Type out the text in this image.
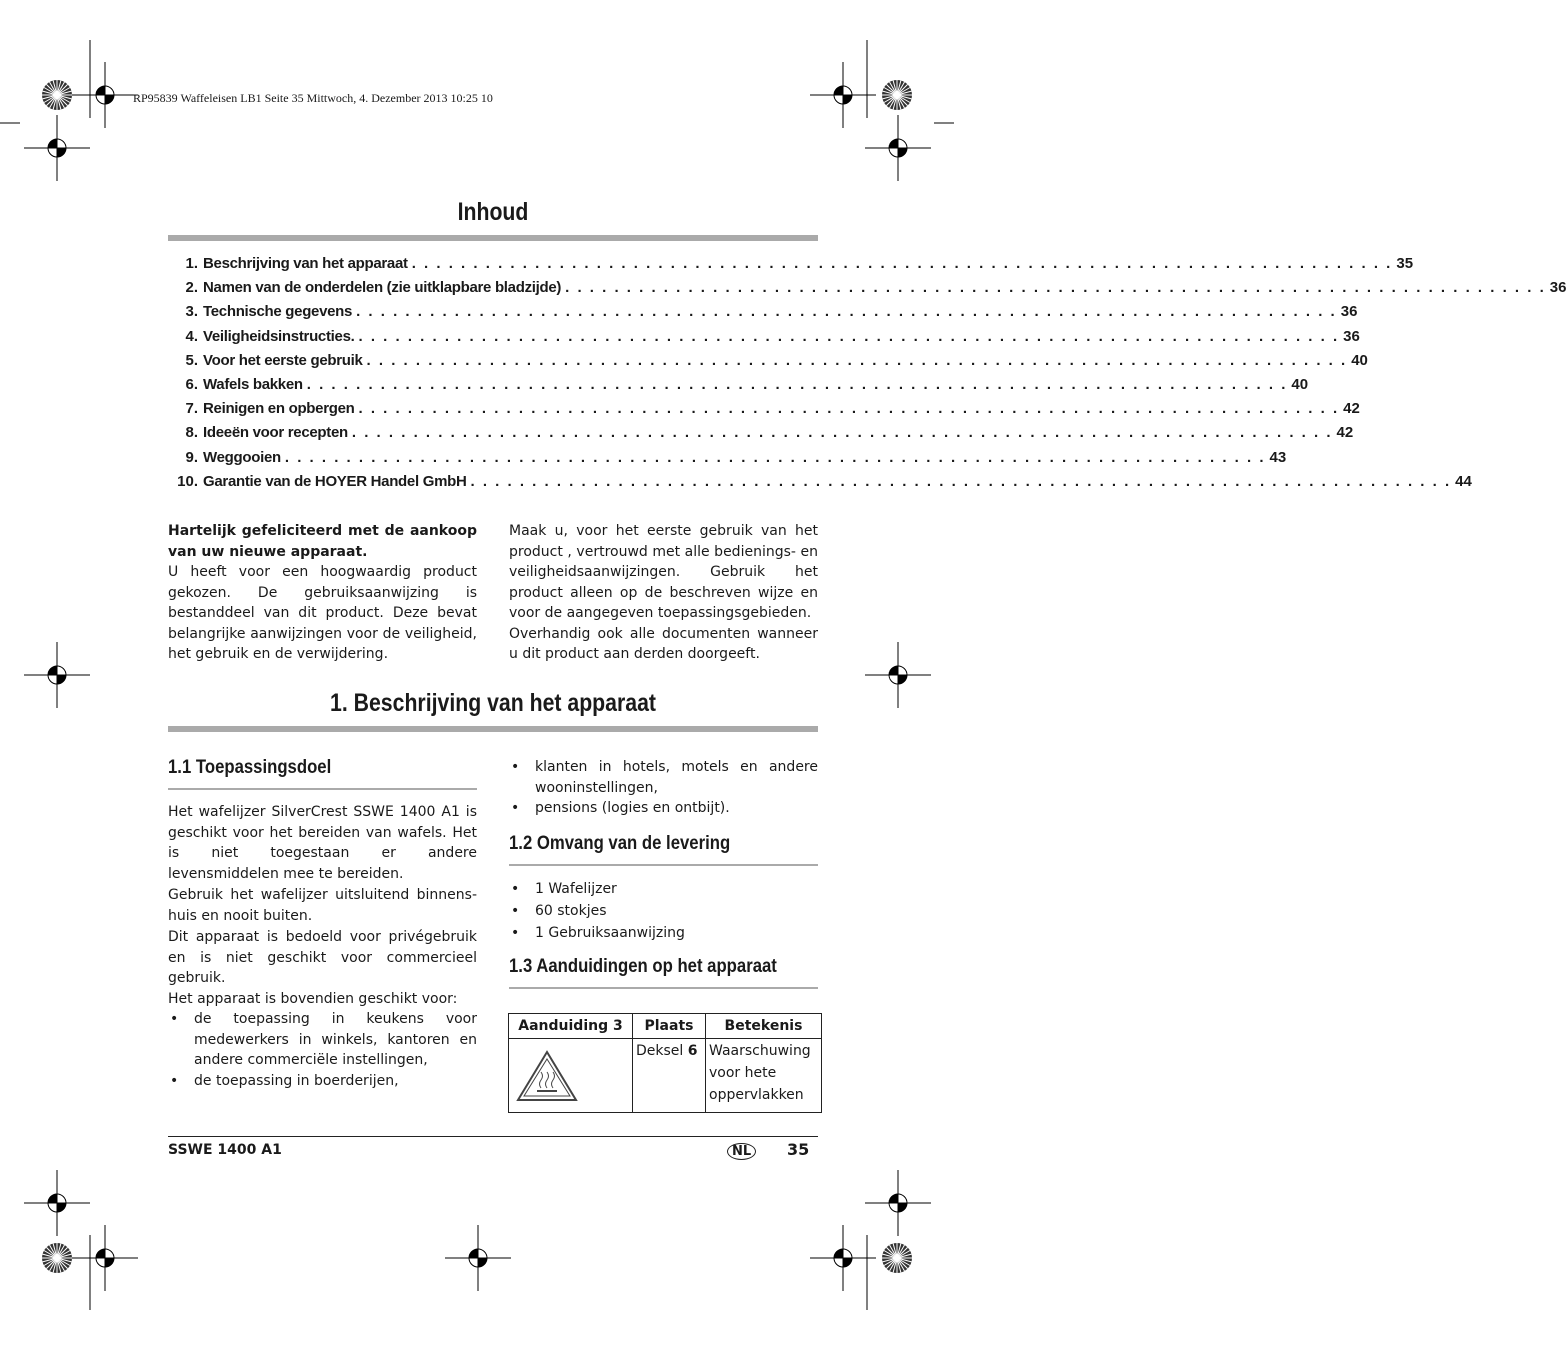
RP95839 Waffeleisen LB1 Seite 35 Mittwoch, 4. Dezember 2013 10:25 10
Inhoud
1. Beschrijving van het apparaat . . . . . . . . . . . . . . . . . . . . . . . . . . . . . . . . . . . . . . . . . . . . . . . . . . . . . . . . . . . . . . . . . . . . . . . . . . . . . . . . 35
2. Namen van de onderdelen (zie uitklapbare bladzijde) . . . . . . . . . . . . . . . . . . . . . . . . . . . . . . . . . . . . . . . . . . . . . . . . . . . . . . . . . . . . . . . . . . . . . . . . . . . . . . . . 36
3. Technische gegevens . . . . . . . . . . . . . . . . . . . . . . . . . . . . . . . . . . . . . . . . . . . . . . . . . . . . . . . . . . . . . . . . . . . . . . . . . . . . . . . . 36
4. Veiligheidsinstructies. . . . . . . . . . . . . . . . . . . . . . . . . . . . . . . . . . . . . . . . . . . . . . . . . . . . . . . . . . . . . . . . . . . . . . . . . . . . . . . . . 36
5. Voor het eerste gebruik . . . . . . . . . . . . . . . . . . . . . . . . . . . . . . . . . . . . . . . . . . . . . . . . . . . . . . . . . . . . . . . . . . . . . . . . . . . . . . . . 40
6. Wafels bakken . . . . . . . . . . . . . . . . . . . . . . . . . . . . . . . . . . . . . . . . . . . . . . . . . . . . . . . . . . . . . . . . . . . . . . . . . . . . . . . . 40
7. Reinigen en opbergen . . . . . . . . . . . . . . . . . . . . . . . . . . . . . . . . . . . . . . . . . . . . . . . . . . . . . . . . . . . . . . . . . . . . . . . . . . . . . . . . 42
8. Ideeën voor recepten . . . . . . . . . . . . . . . . . . . . . . . . . . . . . . . . . . . . . . . . . . . . . . . . . . . . . . . . . . . . . . . . . . . . . . . . . . . . . . . . 42
9. Weggooien . . . . . . . . . . . . . . . . . . . . . . . . . . . . . . . . . . . . . . . . . . . . . . . . . . . . . . . . . . . . . . . . . . . . . . . . . . . . . . . . 43
10. Garantie van de HOYER Handel GmbH . . . . . . . . . . . . . . . . . . . . . . . . . . . . . . . . . . . . . . . . . . . . . . . . . . . . . . . . . . . . . . . . . . . . . . . . . . . . . . . . 44

Hartelijk gefeliciteerd met de aankoop van uw nieuwe apparaat.

U heeft voor een hoogwaardig product gekozen. De gebruiksaanwijzing is bestanddeel van dit product. Deze bevat belangrijke aanwijzingen voor de veiligheid, het gebruik en de verwijdering.

Maak u, voor het eerste gebruik van het product , vertrouwd met alle bedienings- en veiligheidsaanwijzingen. Gebruik het product alleen op de beschreven wijze en voor de aangegeven toepassingsgebieden.

Overhandig ook alle documenten wanneer u dit product aan derden doorgeeft.

1. Beschrijving van het apparaat
1.1 Toepassingsdoel

Het wafelijzer SilverCrest SSWE 1400 A1 is geschikt voor het bereiden van wafels. Het is niet toegestaan er andere levensmiddelen mee te bereiden.

Gebruik het wafelijzer uitsluitend binnens-huis en nooit buiten.

Dit apparaat is bedoeld voor privégebruik en is niet geschikt voor commercieel gebruik.

Het apparaat is bovendien geschikt voor:

• de toepassing in keukens voor medewerkers in winkels, kantoren en andere commerciële instellingen,
• de toepassing in boerderijen,
• klanten in hotels, motels en andere wooninstellingen,
• pensions (logies en ontbijt).
1.2 Omvang van de levering
• 1 Wafelijzer
• 60 stokjes
• 1 Gebruiksaanwijzing
1.3 Aanduidingen op het apparaat
Aanduiding 3	Plaats	Betekenis
	Deksel 6	Waarschuwing voor hete oppervlakken
SSWE 1400 A1	NL	35
